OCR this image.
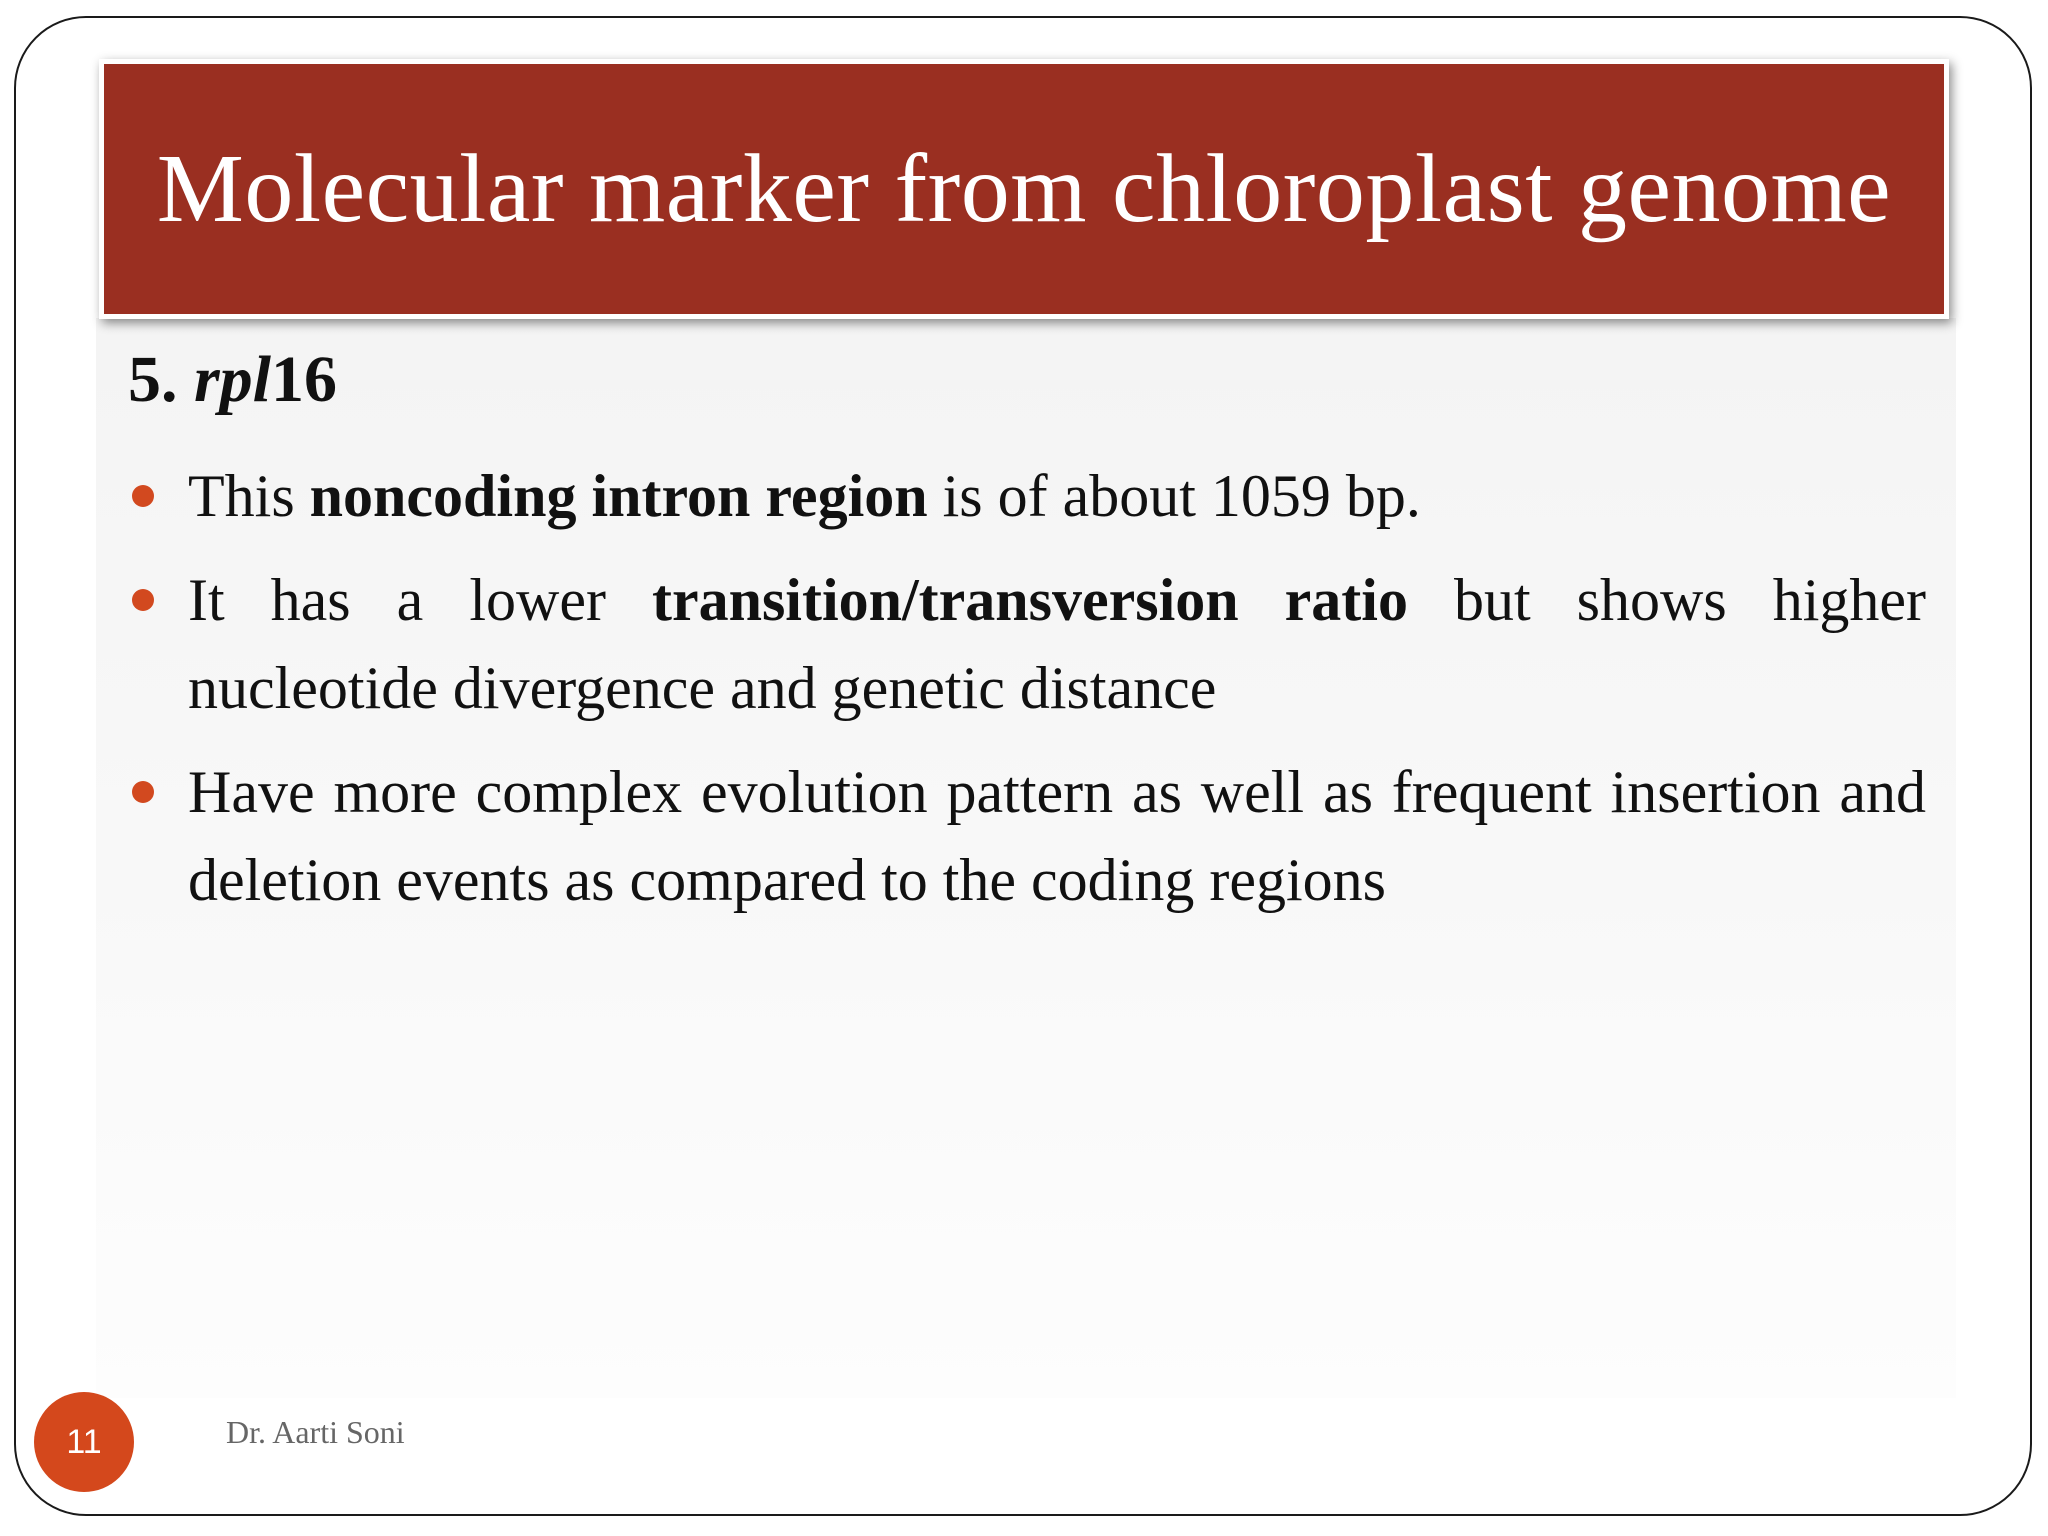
Molecular marker from chloroplast genome
5. rpl16
This noncoding intron region is of about 1059 bp.
It has a lower transition/transversion ratio but shows higher nucleotide divergence and genetic distance
Have more complex evolution pattern as well as frequent insertion and deletion events as compared to the coding regions
11	Dr. Aarti Soni
